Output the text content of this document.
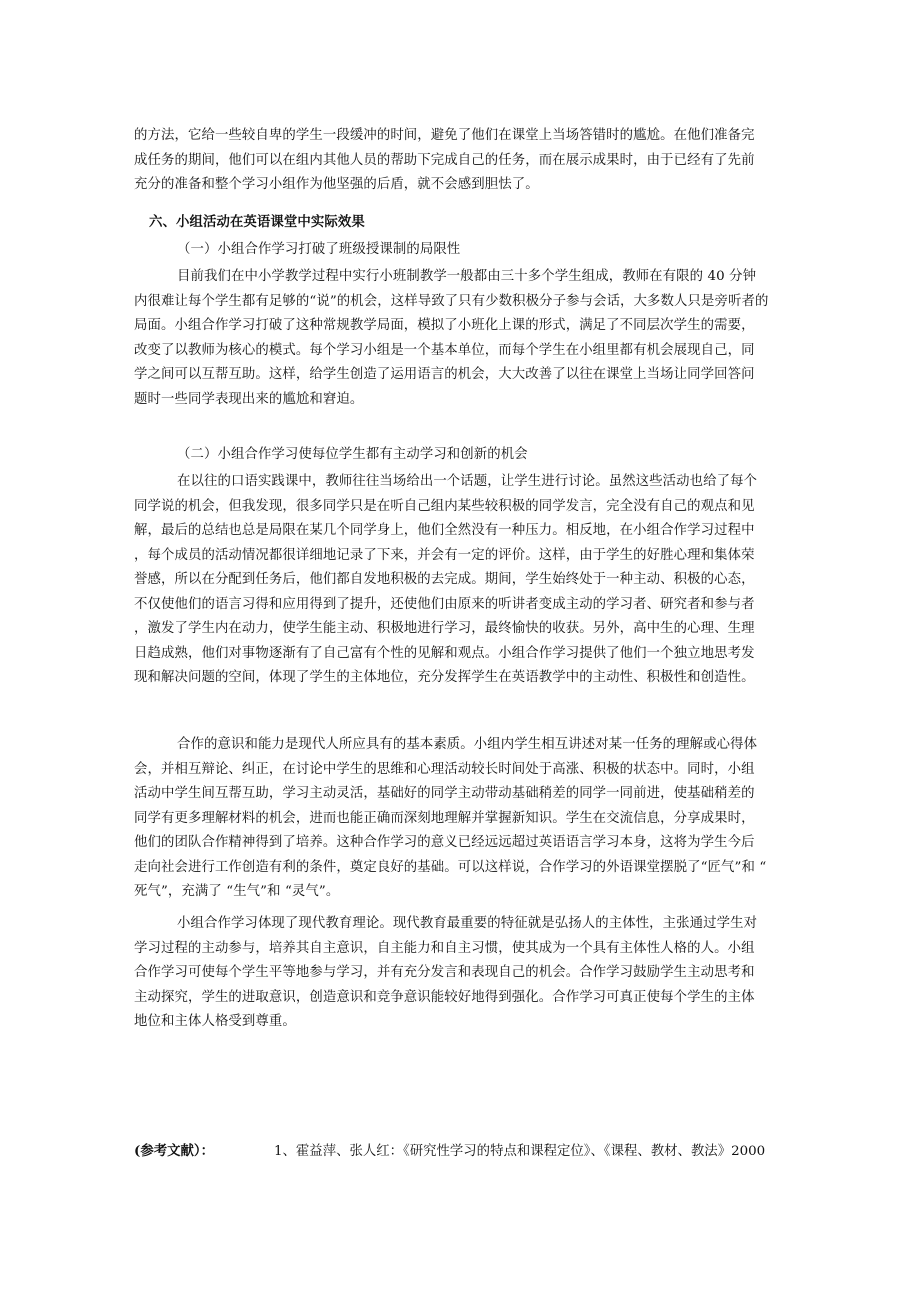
的方法，它给一些较自卑的学生一段缓冲的时间，避免了他们在课堂上当场答错时的尴尬。在他们准备完
成任务的期间，他们可以在组内其他人员的帮助下完成自己的任务，而在展示成果时，由于已经有了先前
充分的准备和整个学习小组作为他坚强的后盾，就不会感到胆怯了。
六、小组活动在英语课堂中实际效果
（一）小组合作学习打破了班级授课制的局限性
目前我们在中小学教学过程中实行小班制教学一般都由三十多个学生组成，教师在有限的 40 分钟
内很难让每个学生都有足够的“说”的机会，这样导致了只有少数积极分子参与会话，大多数人只是旁听者的
局面。小组合作学习打破了这种常规教学局面，模拟了小班化上课的形式，满足了不同层次学生的需要，
改变了以教师为核心的模式。每个学习小组是一个基本单位，而每个学生在小组里都有机会展现自己，同
学之间可以互帮互助。这样，给学生创造了运用语言的机会，大大改善了以往在课堂上当场让同学回答问
题时一些同学表现出来的尴尬和窘迫。
（二）小组合作学习使每位学生都有主动学习和创新的机会
在以往的口语实践课中，教师往往当场给出一个话题，让学生进行讨论。虽然这些活动也给了每个
同学说的机会，但我发现，很多同学只是在听自己组内某些较积极的同学发言，完全没有自己的观点和见
解，最后的总结也总是局限在某几个同学身上，他们全然没有一种压力。相反地，在小组合作学习过程中
，每个成员的活动情况都很详细地记录了下来，并会有一定的评价。这样，由于学生的好胜心理和集体荣
誉感，所以在分配到任务后，他们都自发地积极的去完成。期间，学生始终处于一种主动、积极的心态，
不仅使他们的语言习得和应用得到了提升，还使他们由原来的听讲者变成主动的学习者、研究者和参与者
，激发了学生内在动力，使学生能主动、积极地进行学习，最终愉快的收获。另外，高中生的心理、生理
日趋成熟，他们对事物逐渐有了自己富有个性的见解和观点。小组合作学习提供了他们一个独立地思考发
现和解决问题的空间，体现了学生的主体地位，充分发挥学生在英语教学中的主动性、积极性和创造性。
合作的意识和能力是现代人所应具有的基本素质。小组内学生相互讲述对某一任务的理解或心得体
会，并相互辩论、纠正，在讨论中学生的思维和心理活动较长时间处于高涨、积极的状态中。同时，小组
活动中学生间互帮互助，学习主动灵活，基础好的同学主动带动基础稍差的同学一同前进，使基础稍差的
同学有更多理解材料的机会，进而也能正确而深刻地理解并掌握新知识。学生在交流信息，分享成果时，
他们的团队合作精神得到了培养。这种合作学习的意义已经远远超过英语语言学习本身，这将为学生今后
走向社会进行工作创造有利的条件，奠定良好的基础。可以这样说，合作学习的外语课堂摆脱了“匠气”和 “
死气”，充满了 “生气”和 “灵气”。
小组合作学习体现了现代教育理论。现代教育最重要的特征就是弘扬人的主体性，主张通过学生对
学习过程的主动参与，培养其自主意识，自主能力和自主习惯，使其成为一个具有主体性人格的人。小组
合作学习可使每个学生平等地参与学习，并有充分发言和表现自己的机会。合作学习鼓励学生主动思考和
主动探究，学生的进取意识，创造意识和竞争意识能较好地得到强化。合作学习可真正使每个学生的主体
地位和主体人格受到尊重。
(参考文献）：	1、霍益萍、张人红：《研究性学习的特点和课程定位》、《课程、教材、教法》2000
